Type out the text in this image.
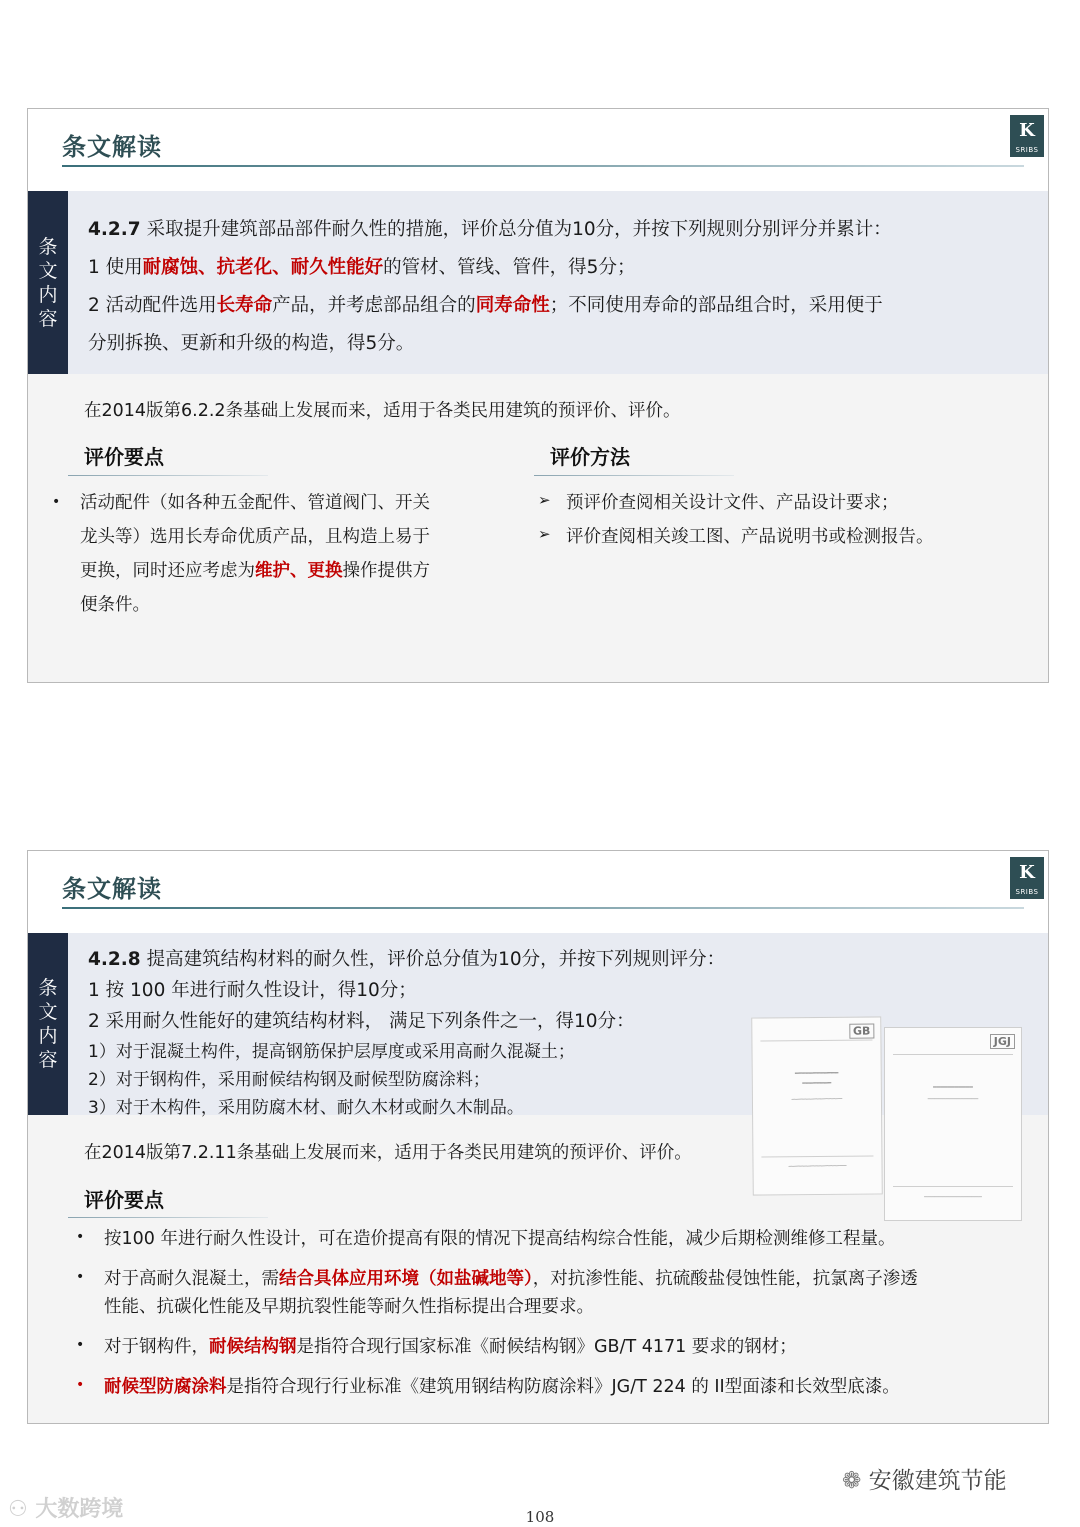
条文解读
K
SRIBS
条
文
内
容
4.2.7 采取提升建筑部品部件耐久性的措施，评价总分值为10分，并按下列规则分别评分并累计：
1 使用耐腐蚀、抗老化、耐久性能好的管材、管线、管件，得5分；
2 活动配件选用长寿命产品，并考虑部品组合的同寿命性；不同使用寿命的部品组合时，采用便于
分别拆换、更新和升级的构造，得5分。
在2014版第6.2.2条基础上发展而来，适用于各类民用建筑的预评价、评价。
评价要点
• 活动配件（如各种五金配件、管道阀门、开关
龙头等）选用长寿命优质产品，且构造上易于
更换，同时还应考虑为维护、更换操作提供方
便条件。
评价方法
➢ 预评价查阅相关设计文件、产品设计要求；
➢ 评价查阅相关竣工图、产品说明书或检测报告。
条文解读
K
SRIBS
条
文
内
容
4.2.8 提高建筑结构材料的耐久性，评价总分值为10分，并按下列规则评分：
1 按 100 年进行耐久性设计，得10分；
2 采用耐久性能好的建筑结构材料， 满足下列条件之一，得10分：
1）对于混凝土构件，提高钢筋保护层厚度或采用高耐久混凝土；
2）对于钢构件，采用耐候结构钢及耐候型防腐涂料；
3）对于木构件，采用防腐木材、耐久木材或耐久木制品。
GB
━━━━━━━━━━━━
━━━━━━━━
──────────────
────────────────
JGJ
━━━━━━━━━━━
──────────────
────────────────
在2014版第7.2.11条基础上发展而来，适用于各类民用建筑的预评价、评价。
评价要点
• 按100 年进行耐久性设计，可在造价提高有限的情况下提高结构综合性能，减少后期检测维修工程量。
• 对于高耐久混凝土，需结合具体应用环境（如盐碱地等），对抗渗性能、抗硫酸盐侵蚀性能，抗氯离子渗透
性能、抗碳化性能及早期抗裂性能等耐久性指标提出合理要求。
• 对于钢构件，耐候结构钢是指符合现行国家标准《耐候结构钢》GB/T 4171 要求的钢材；
• 耐候型防腐涂料是指符合现行行业标准《建筑用钢结构防腐涂料》JG/T 224 的 II型面漆和长效型底漆。
⚇ 大数跨境
❁ 安徽建筑节能
108
